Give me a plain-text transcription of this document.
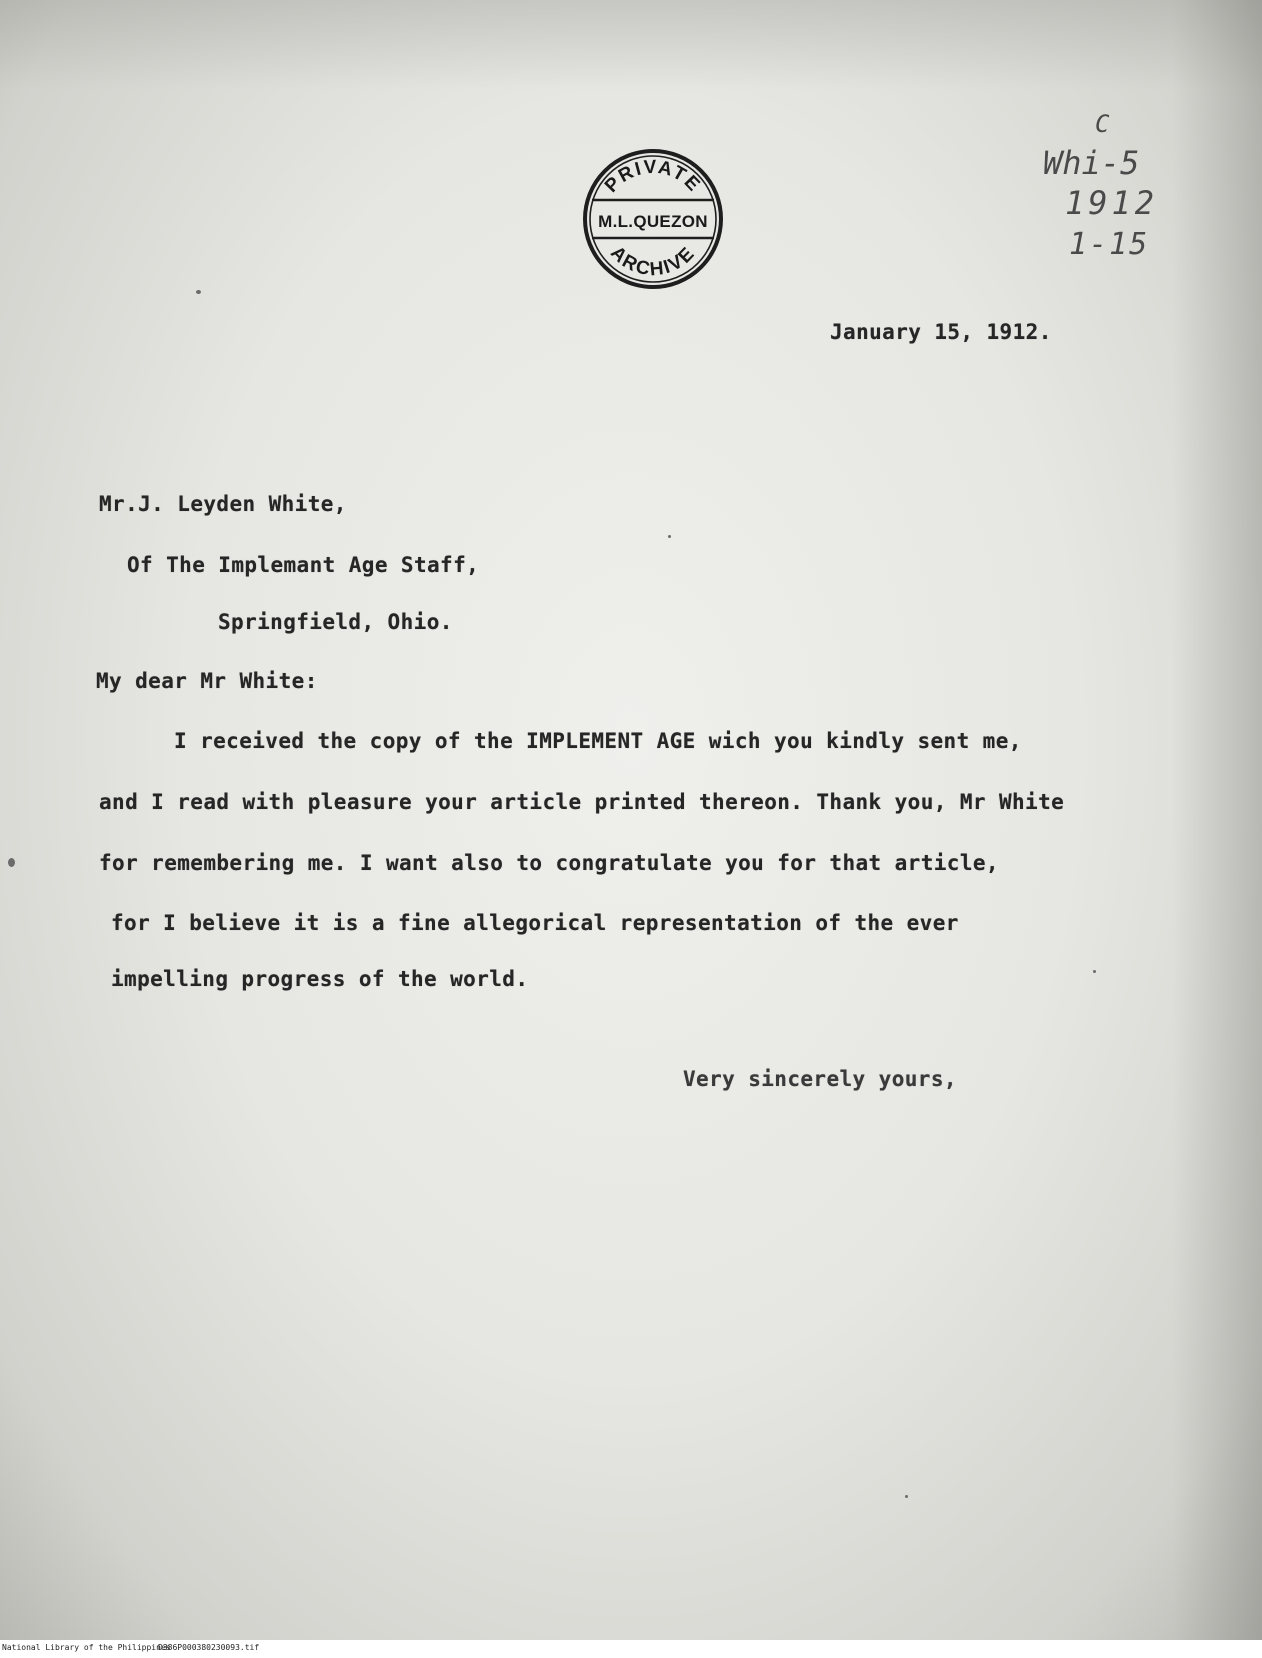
PRIVATE
M.L.QUEZON
ARCHIVE
C
Whi-5
1912
1-15

January 15, 1912.

Mr.J. Leyden White,

Of The Implemant Age Staff,

Springfield, Ohio.

My dear Mr White:

I received the copy of the IMPLEMENT AGE wich you kindly sent me,

and I read with pleasure your article printed thereon. Thank you, Mr White

for remembering me. I want also to congratulate you for that article,

for I believe it is a fine allegorical representation of the ever

impelling progress of the world.

Very sincerely yours,

National Library of the Philippines
D386P000380230093.tif
